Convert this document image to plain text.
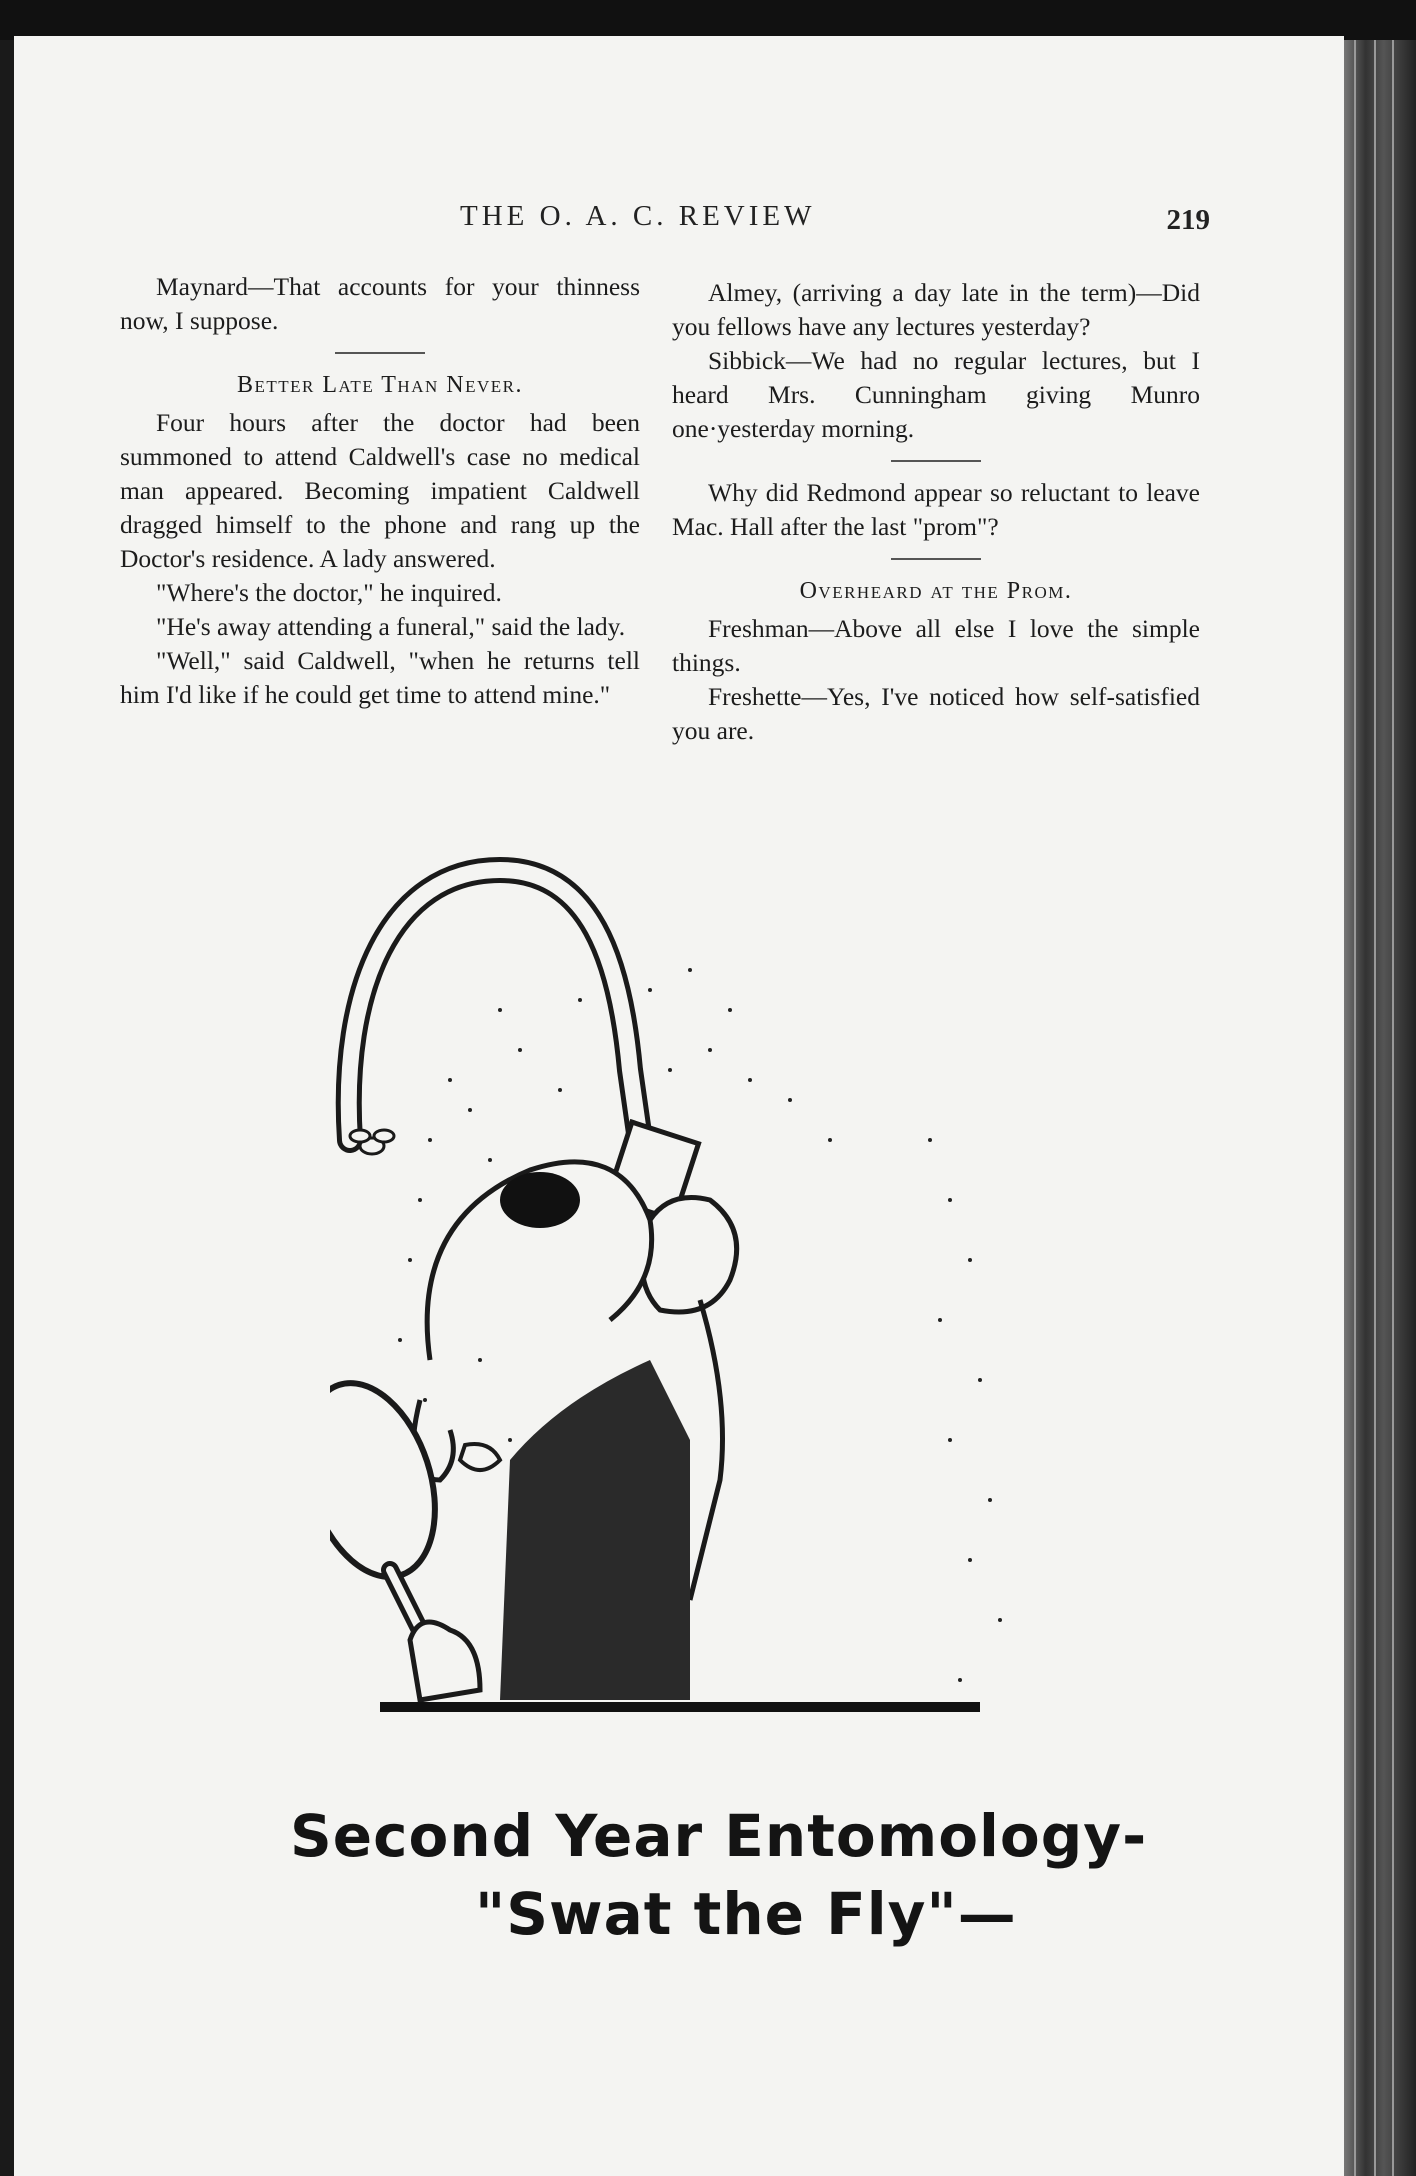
THE O. A. C. REVIEW	219

Maynard—That accounts for your thinness now, I suppose.

Better Late Than Never.

Four hours after the doctor had been summoned to attend Caldwell's case no medical man appeared. Becoming impatient Caldwell dragged himself to the phone and rang up the Doctor's residence. A lady answered.

"Where's the doctor," he inquired.

"He's away attending a funeral," said the lady.

"Well," said Caldwell, "when he returns tell him I'd like if he could get time to attend mine."

Almey, (arriving a day late in the term)—Did you fellows have any lectures yesterday?

Sibbick—We had no regular lectures, but I heard Mrs. Cunningham giving Munro one·yesterday morning.

Why did Redmond appear so reluctant to leave Mac. Hall after the last "prom"?

Overheard at the Prom.

Freshman—Above all else I love the simple things.

Freshette—Yes, I've noticed how self-satisfied you are.

Second Year Entomology-
"Swat the Fly"—
